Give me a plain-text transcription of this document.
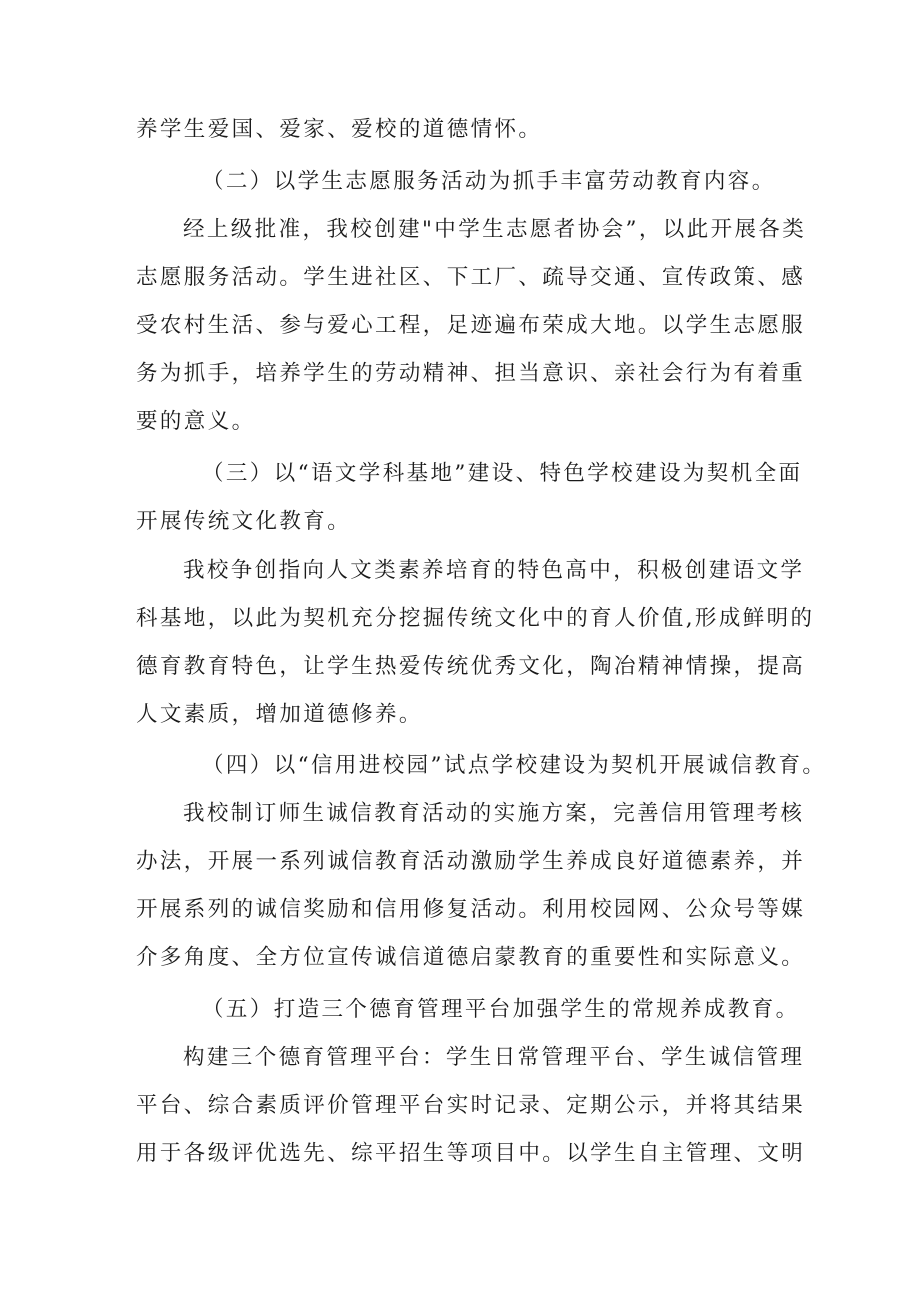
养学生爱国、爱家、爱校的道德情怀。
（二）以学生志愿服务活动为抓手丰富劳动教育内容。
经上级批准，我校创建"中学生志愿者协会”，以此开展各类
志愿服务活动。学生进社区、下工厂、疏导交通、宣传政策、感
受农村生活、参与爱心工程，足迹遍布荣成大地。以学生志愿服
务为抓手，培养学生的劳动精神、担当意识、亲社会行为有着重
要的意义。
（三）以“语文学科基地”建设、特色学校建设为契机全面
开展传统文化教育。
我校争创指向人文类素养培育的特色高中，积极创建语文学
科基地，以此为契机充分挖掘传统文化中的育人价值,形成鲜明的
德育教育特色，让学生热爱传统优秀文化，陶冶精神情操，提高
人文素质，增加道德修养。
（四）以“信用进校园”试点学校建设为契机开展诚信教育。
我校制订师生诚信教育活动的实施方案，完善信用管理考核
办法，开展一系列诚信教育活动激励学生养成良好道德素养，并
开展系列的诚信奖励和信用修复活动。利用校园网、公众号等媒
介多角度、全方位宣传诚信道德启蒙教育的重要性和实际意义。
（五）打造三个德育管理平台加强学生的常规养成教育。
构建三个德育管理平台：学生日常管理平台、学生诚信管理
平台、综合素质评价管理平台实时记录、定期公示，并将其结果
用于各级评优选先、综平招生等项目中。以学生自主管理、文明
